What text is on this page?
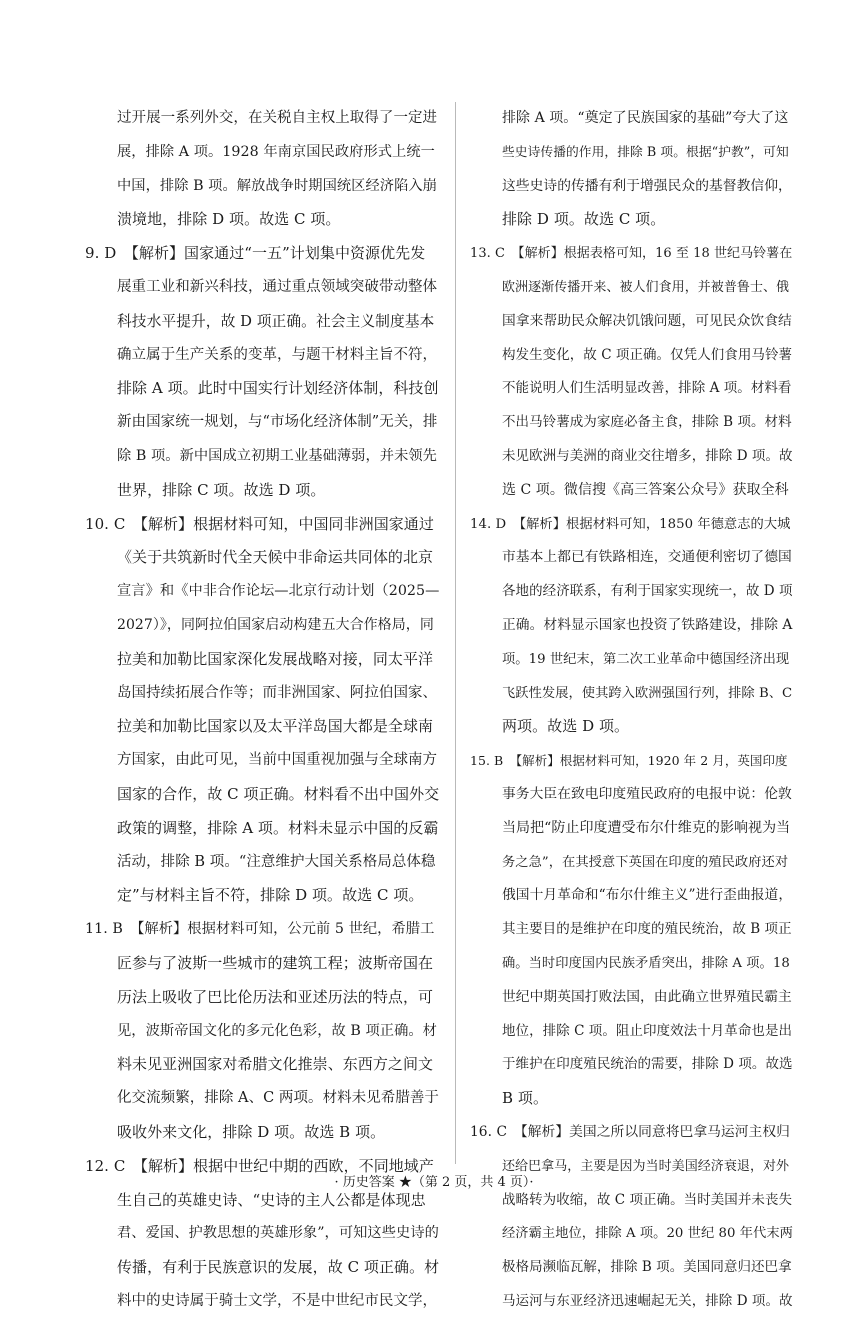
过开展一系列外交，在关税自主权上取得了一定进
展，排除 A 项。1928 年南京国民政府形式上统一
中国，排除 B 项。解放战争时期国统区经济陷入崩
溃境地，排除 D 项。故选 C 项。
9. D　【解析】国家通过“一五”计划集中资源优先发
展重工业和新兴科技，通过重点领域突破带动整体
科技水平提升，故 D 项正确。社会主义制度基本
确立属于生产关系的变革，与题干材料主旨不符，
排除 A 项。此时中国实行计划经济体制，科技创
新由国家统一规划，与“市场化经济体制”无关，排
除 B 项。新中国成立初期工业基础薄弱，并未领先
世界，排除 C 项。故选 D 项。
10. C　【解析】根据材料可知，中国同非洲国家通过
《关于共筑新时代全天候中非命运共同体的北京
宣言》和《中非合作论坛—北京行动计划（2025—
2027）》，同阿拉伯国家启动构建五大合作格局，同
拉美和加勒比国家深化发展战略对接，同太平洋
岛国持续拓展合作等；而非洲国家、阿拉伯国家、
拉美和加勒比国家以及太平洋岛国大都是全球南
方国家，由此可见，当前中国重视加强与全球南方
国家的合作，故 C 项正确。材料看不出中国外交
政策的调整，排除 A 项。材料未显示中国的反霸
活动，排除 B 项。“注意维护大国关系格局总体稳
定”与材料主旨不符，排除 D 项。故选 C 项。
11. B　【解析】根据材料可知，公元前 5 世纪，希腊工
匠参与了波斯一些城市的建筑工程；波斯帝国在
历法上吸收了巴比伦历法和亚述历法的特点，可
见，波斯帝国文化的多元化色彩，故 B 项正确。材
料未见亚洲国家对希腊文化推崇、东西方之间文
化交流频繁，排除 A、C 两项。材料未见希腊善于
吸收外来文化，排除 D 项。故选 B 项。
12. C　【解析】根据中世纪中期的西欧，不同地域产
生自己的英雄史诗、“史诗的主人公都是体现忠
君、爱国、护教思想的英雄形象”，可知这些史诗的
传播，有利于民族意识的发展，故 C 项正确。材
料中的史诗属于骑士文学，不是中世纪市民文学，
排除 A 项。“奠定了民族国家的基础”夸大了这
些史诗传播的作用，排除 B 项。根据“护教”，可知
这些史诗的传播有利于增强民众的基督教信仰，
排除 D 项。故选 C 项。
13. C　【解析】根据表格可知，16 至 18 世纪马铃薯在
欧洲逐渐传播开来、被人们食用，并被普鲁士、俄
国拿来帮助民众解决饥饿问题，可见民众饮食结
构发生变化，故 C 项正确。仅凭人们食用马铃薯
不能说明人们生活明显改善，排除 A 项。材料看
不出马铃薯成为家庭必备主食，排除 B 项。材料
未见欧洲与美洲的商业交往增多，排除 D 项。故
选 C 项。微信搜《高三答案公众号》获取全科
14. D　【解析】根据材料可知，1850 年德意志的大城
市基本上都已有铁路相连，交通便利密切了德国
各地的经济联系，有利于国家实现统一，故 D 项
正确。材料显示国家也投资了铁路建设，排除 A
项。19 世纪末，第二次工业革命中德国经济出现
飞跃性发展，使其跨入欧洲强国行列，排除 B、C
两项。故选 D 项。
15. B　【解析】根据材料可知，1920 年 2 月，英国印度
事务大臣在致电印度殖民政府的电报中说：伦敦
当局把“防止印度遭受布尔什维克的影响视为当
务之急”，在其授意下英国在印度的殖民政府还对
俄国十月革命和“布尔什维主义”进行歪曲报道，
其主要目的是维护在印度的殖民统治，故 B 项正
确。当时印度国内民族矛盾突出，排除 A 项。18
世纪中期英国打败法国，由此确立世界殖民霸主
地位，排除 C 项。阻止印度效法十月革命也是出
于维护在印度殖民统治的需要，排除 D 项。故选
B 项。
16. C　【解析】美国之所以同意将巴拿马运河主权归
还给巴拿马，主要是因为当时美国经济衰退，对外
战略转为收缩，故 C 项正确。当时美国并未丧失
经济霸主地位，排除 A 项。20 世纪 80 年代末两
极格局濒临瓦解，排除 B 项。美国同意归还巴拿
马运河与东亚经济迅速崛起无关，排除 D 项。故
· 历史答案 ★（第 2 页，共 4 页）·
